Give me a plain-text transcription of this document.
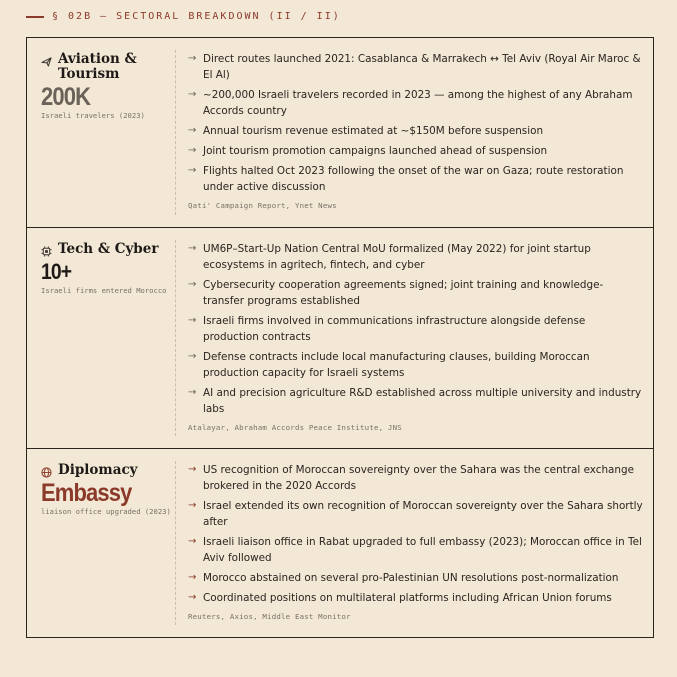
§ 02B — SECTORAL BREAKDOWN (II / II)
Aviation & Tourism
200K
Israeli travelers (2023)
→ Direct routes launched 2021: Casablanca & Marrakech ↔ Tel Aviv (Royal Air Maroc & El Al)
→ ~200,000 Israeli travelers recorded in 2023 — among the highest of any Abraham Accords country
→ Annual tourism revenue estimated at ~$150M before suspension
→ Joint tourism promotion campaigns launched ahead of suspension
→ Flights halted Oct 2023 following the onset of the war on Gaza; route restoration under active discussion
Qati' Campaign Report, Ynet News
Tech & Cyber
10+
Israeli firms entered Morocco
→ UM6P–Start-Up Nation Central MoU formalized (May 2022) for joint startup ecosystems in agritech, fintech, and cyber
→ Cybersecurity cooperation agreements signed; joint training and knowledge-transfer programs established
→ Israeli firms involved in communications infrastructure alongside defense production contracts
→ Defense contracts include local manufacturing clauses, building Moroccan production capacity for Israeli systems
→ AI and precision agriculture R&D established across multiple university and industry labs
Atalayar, Abraham Accords Peace Institute, JNS
Diplomacy
Embassy
liaison office upgraded (2023)
→ US recognition of Moroccan sovereignty over the Sahara was the central exchange brokered in the 2020 Accords
→ Israel extended its own recognition of Moroccan sovereignty over the Sahara shortly after
→ Israeli liaison office in Rabat upgraded to full embassy (2023); Moroccan office in Tel Aviv followed
→ Morocco abstained on several pro-Palestinian UN resolutions post-normalization
→ Coordinated positions on multilateral platforms including African Union forums
Reuters, Axios, Middle East Monitor
